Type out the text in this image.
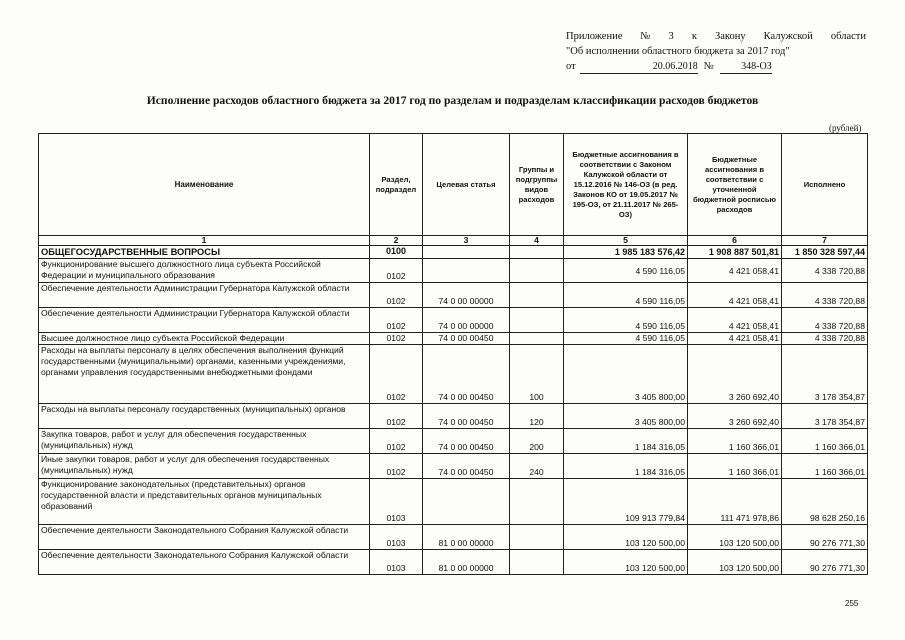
Приложение № 3 к Закону Калужской области
"Об исполнении областного бюджета за 2017 год"
от	20.06.2018 №	348-ОЗ
Исполнение расходов областного бюджета за 2017 год по разделам и подразделам классификации расходов бюджетов
(рублей)
Наименование	Раздел, подраздел	Целевая статья	Группы и подгруппы видов расходов	Бюджетные ассигнования в соответствии с Законом Калужской области от 15.12.2016 № 146-ОЗ (в ред. Законов КО от 19.05.2017 № 195-ОЗ, от 21.11.2017 № 265-ОЗ)	Бюджетные ассигнования в соответствии с уточненной бюджетной росписью расходов	Исполнено
1	2	3	4	5	6	7
ОБЩЕГОСУДАРСТВЕННЫЕ ВОПРОСЫ	0100			1 985 183 576,42	1 908 887 501,81	1 850 328 597,44
Функционирование высшего должностного лица субъекта Российской Федерации и муниципального образования	0102			4 590 116,05	4 421 058,41	4 338 720,88
Обеспечение деятельности Администрации Губернатора Калужской области	0102	74 0 00 00000		4 590 116,05	4 421 058,41	4 338 720,88
Обеспечение деятельности Администрации Губернатора Калужской области	0102	74 0 00 00000		4 590 116,05	4 421 058,41	4 338 720,88
Высшее должностное лицо субъекта Российской Федерации	0102	74 0 00 00450		4 590 116,05	4 421 058,41	4 338 720,88
Расходы на выплаты персоналу в целях обеспечения выполнения функций государственными (муниципальными) органами, казенными учреждениями, органами управления государственными внебюджетными фондами	0102	74 0 00 00450	100	3 405 800,00	3 260 692,40	3 178 354,87
Расходы на выплаты персоналу государственных (муниципальных) органов	0102	74 0 00 00450	120	3 405 800,00	3 260 692,40	3 178 354,87
Закупка товаров, работ и услуг для обеспечения государственных (муниципальных) нужд	0102	74 0 00 00450	200	1 184 316,05	1 160 366,01	1 160 366,01
Иные закупки товаров, работ и услуг для обеспечения государственных (муниципальных) нужд	0102	74 0 00 00450	240	1 184 316,05	1 160 366,01	1 160 366,01
Функционирование законодательных (представительных) органов государственной власти и представительных органов муниципальных образований	0103			109 913 779,84	111 471 978,86	98 628 250,16
Обеспечение деятельности Законодательного Собрания Калужской области	0103	81 0 00 00000		103 120 500,00	103 120 500,00	90 276 771,30
Обеспечение деятельности Законодательного Собрания Калужской области	0103	81 0 00 00000		103 120 500,00	103 120 500,00	90 276 771,30
255
